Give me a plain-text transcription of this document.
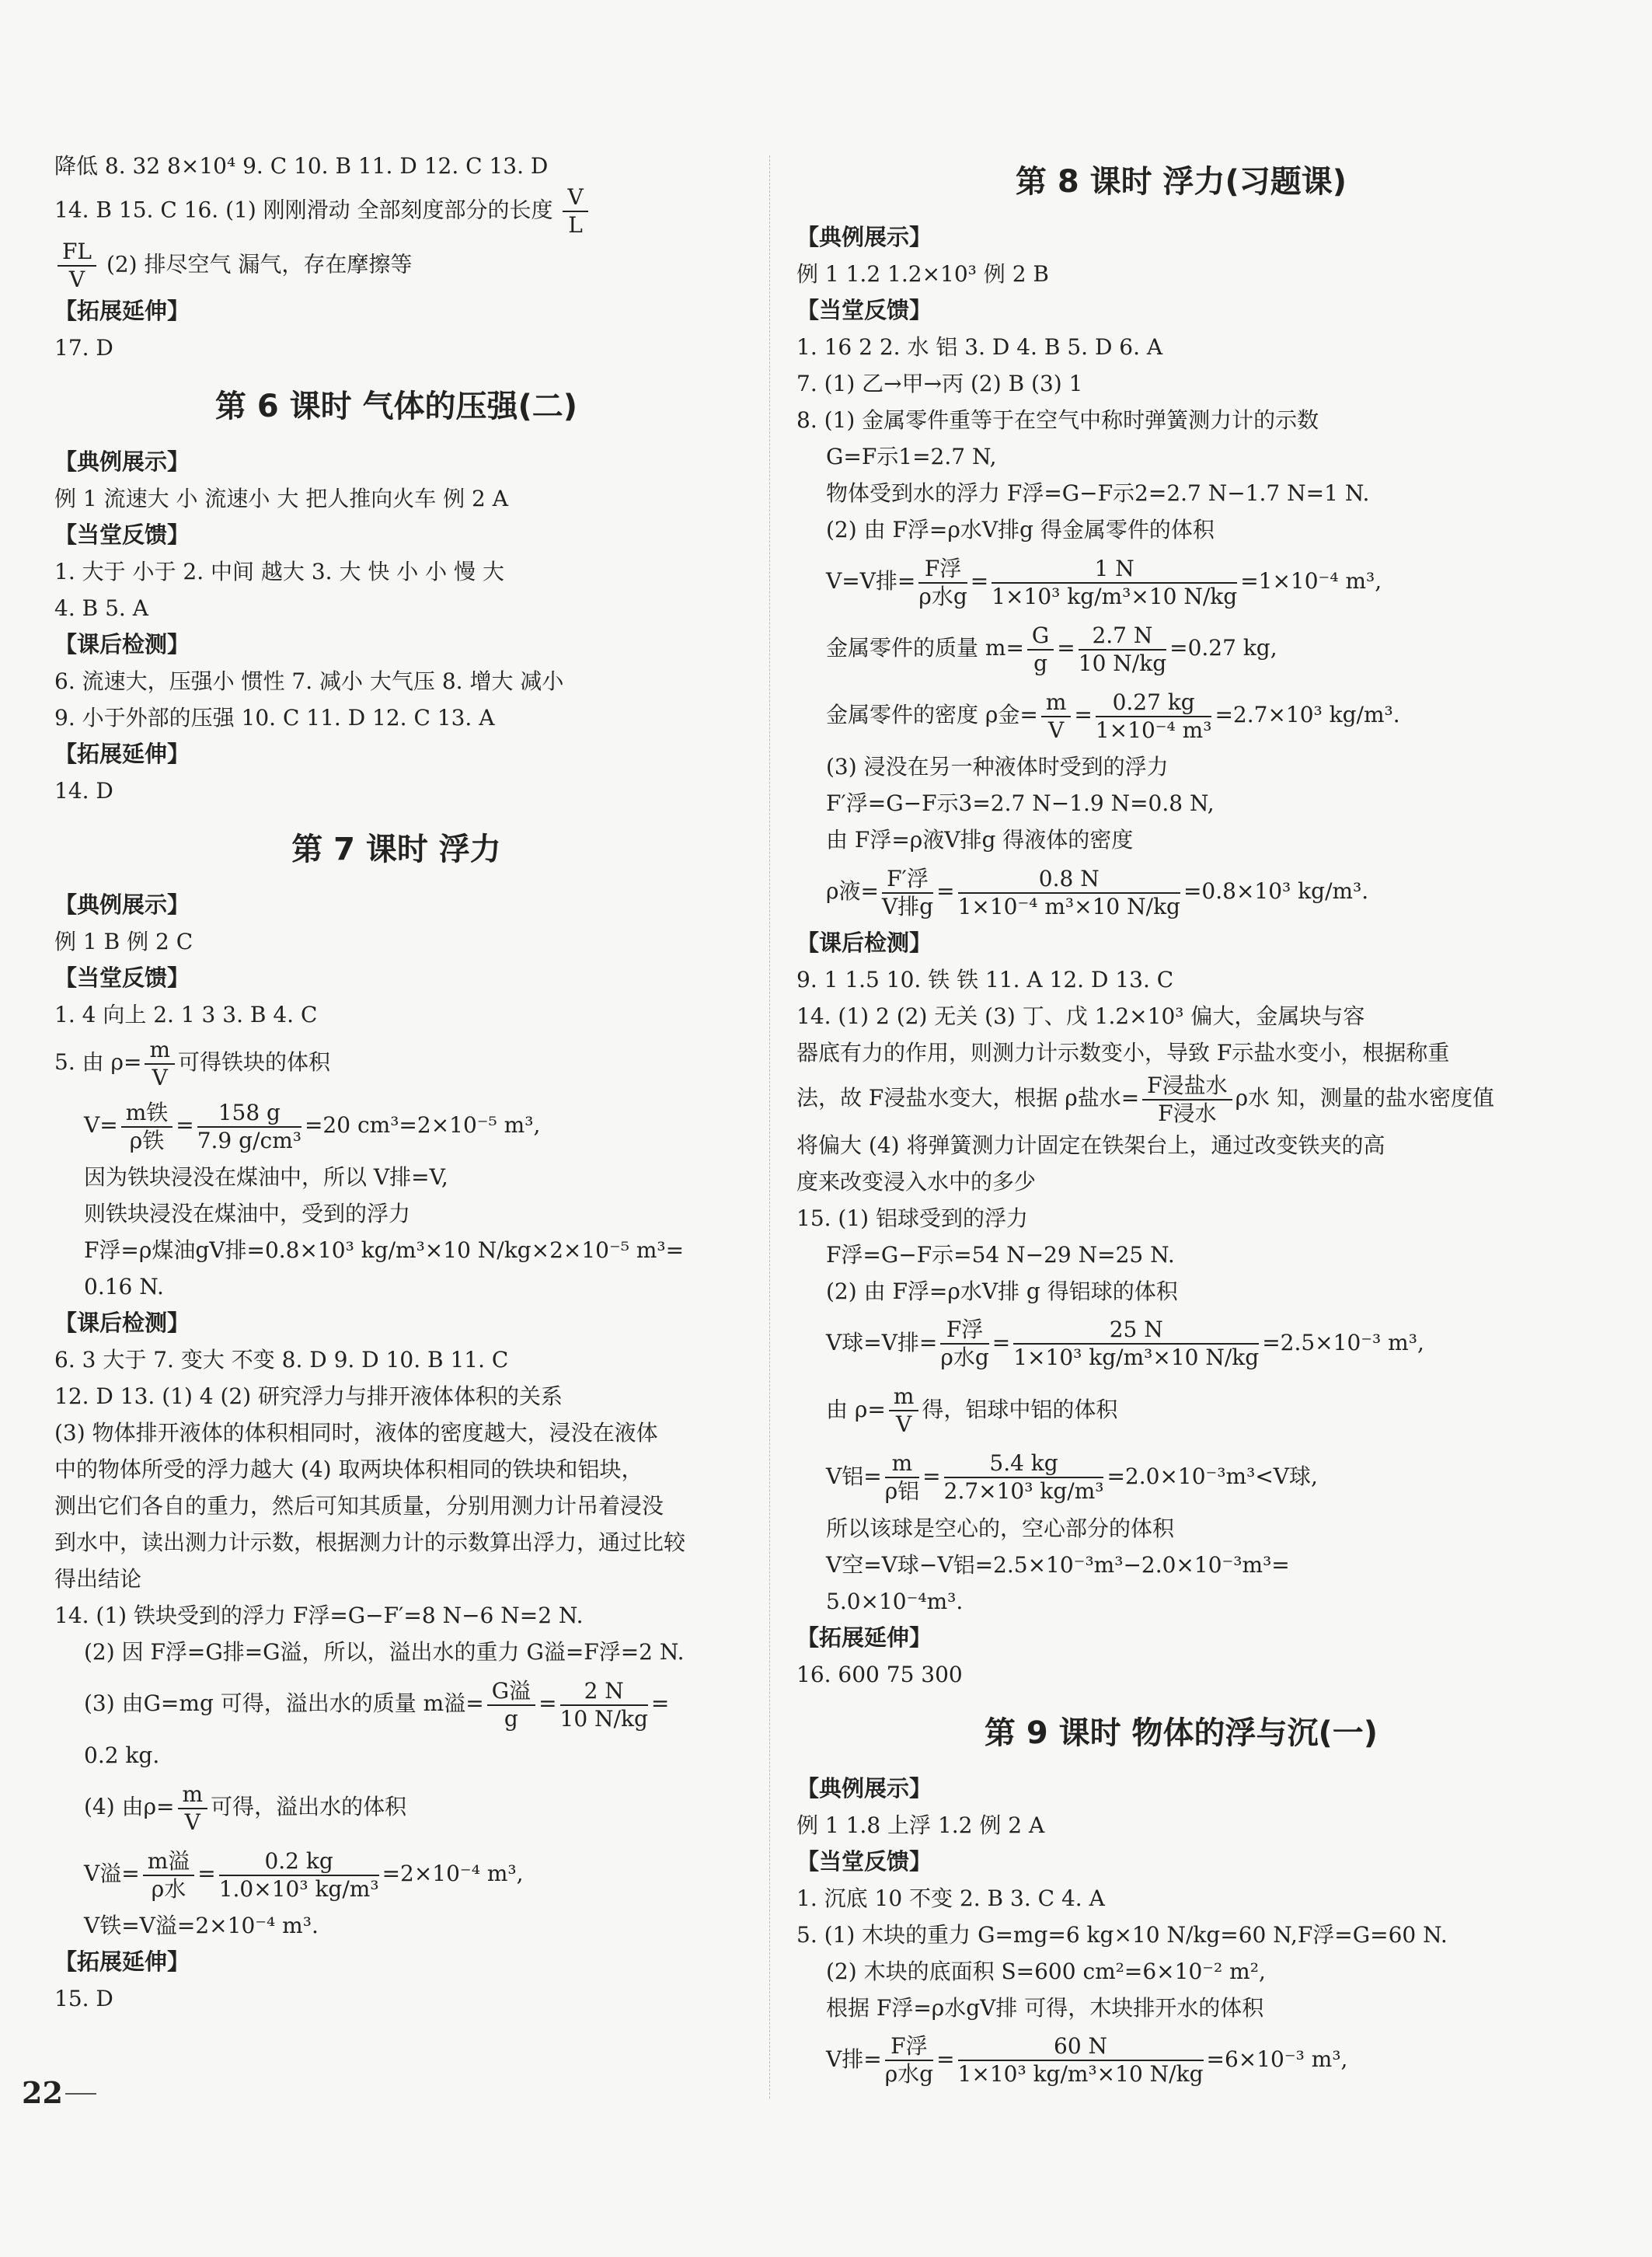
降低 8. 32 8×10⁴ 9. C 10. B 11. D 12. C 13. D
14. B 15. C 16. (1) 刚刚滑动 全部刻度部分的长度 $\frac{V}{L}$
$\frac{FL}{V} (2)$ 排尽空气 漏气，存在摩擦等
【拓展延伸】
17. D
第 6 课时 气体的压强(二)
【典例展示】
例 1 流速大 小 流速小 大 把人推向火车 例 2 A
【当堂反馈】
1. 大于 小于 2. 中间 越大 3. 大 快 小 小 慢 大
4. B 5. A
【课后检测】
6. 流速大，压强小 惯性 7. 减小 大气压 8. 增大 减小
9. 小于外部的压强 10. C 11. D 12. C 13. A
【拓展延伸】
14. D
第 7 课时 浮力
【典例展示】
例 1 B 例 2 C
【当堂反馈】
1. 4 向上 2. 1 3 3. B 4. C
5. 由 $\rho= \frac{m}{V}$ 可得铁块的体积
$V= \frac{\text{m铁}}{\text{ρ铁}} = \frac{158 g}{\text{7.9 g/cm³}} =20$ cm³=2×10⁻⁵ m³,
因为铁块浸没在煤油中，所以 V排=V,
则铁块浸没在煤油中，受到的浮力
F浮=ρ煤油gV排=0.8×10³ kg/m³×10 N/kg×2×10⁻⁵ m³=
0.16 N.
【课后检测】
6. 3 大于 7. 变大 不变 8. D 9. D 10. B 11. C
12. D 13. (1) 4 (2) 研究浮力与排开液体体积的关系
(3) 物体排开液体的体积相同时，液体的密度越大，浸没在液体
中的物体所受的浮力越大 (4) 取两块体积相同的铁块和铝块，
测出它们各自的重力，然后可知其质量，分别用测力计吊着浸没
到水中，读出测力计示数，根据测力计的示数算出浮力，通过比较
得出结论
14. (1) 铁块受到的浮力 F浮=G−F′=8 N−6 N=2 N.
(2) 因 F浮=G排=G溢，所以，溢出水的重力 G溢=F浮=2 N.
(3) 由G=mg 可得，溢出水的质量 m溢= $\frac{\text{G溢}}{g} = \frac{2 N}{10 N/kg}$ =
0.2 kg.
(4) 由$\rho= \frac{m}{V}$ 可得，溢出水的体积
V溢= $\frac{\text{m溢}}{\text{ρ水}} = \frac{0.2 kg}{\text{1.0×10³ kg/m³}} =2\times 10^{-4}$ m³,
V铁=V溢=2×10⁻⁴ m³.
【拓展延伸】
15. D
第 8 课时 浮力(习题课)
【典例展示】
例 1 1.2 1.2×10³ 例 2 B
【当堂反馈】
1. 16 2 2. 水 铝 3. D 4. B 5. D 6. A
7. (1) 乙→甲→丙 (2) B (3) 1
8. (1) 金属零件重等于在空气中称时弹簧测力计的示数
G=F示1=2.7 N,
物体受到水的浮力 F浮=G−F示2=2.7 N−1.7 N=1 N.
(2) 由 F浮=ρ水V排g 得金属零件的体积
V=V排= $\frac{\text{F浮}}{\text{ρ水g}} = \frac{1 N}{\text{1×10³ kg/m³×10 N/kg}} =1\times 10^{-4}$ m³,
金属零件的质量 $m= \frac{G}{g} = \frac{2.7 N}{10 N/kg} =0.27$ kg,
金属零件的密度 ρ金= $\frac{m}{V} = \frac{0.27 kg}{\text{1×10⁻⁴ m³}} =2.7\times 10^3$ kg/m³.
(3) 浸没在另一种液体时受到的浮力
F′浮=G−F示3=2.7 N−1.9 N=0.8 N,
由 F浮=ρ液V排g 得液体的密度
ρ液= $\frac{\text{F′浮}}{\text{V排g}} = \frac{0.8 N}{\text{1×10⁻⁴ m³×10 N/kg}} =0.8\times 10^3$ kg/m³.
【课后检测】
9. 1 1.5 10. 铁 铁 11. A 12. D 13. C
14. (1) 2 (2) 无关 (3) 丁、戊 1.2×10³ 偏大，金属块与容
器底有力的作用，则测力计示数变小，导致 F示盐水变小，根据称重
法，故 F浸盐水变大，根据 ρ盐水= $\frac{\text{F浸盐水}}{\text{F浸水}}$ ρ水 知，测量的盐水密度值
将偏大 (4) 将弹簧测力计固定在铁架台上，通过改变铁夹的高
度来改变浸入水中的多少
15. (1) 铝球受到的浮力
F浮=G−F示=54 N−29 N=25 N.
(2) 由 F浮=ρ水V排 g 得铝球的体积
V球=V排= $\frac{\text{F浮}}{\text{ρ水g}} = \frac{25 N}{\text{1×10³ kg/m³×10 N/kg}} =2.5\times 10^{-3}$ m³,
由 $\rho= \frac{m}{V}$ 得，铝球中铝的体积
V铝= $\frac{m}{\text{ρ铝}} = \frac{5.4 kg}{\text{2.7×10³ kg/m³}} =2.0\times 10^{-3}m^3<V$球,
所以该球是空心的，空心部分的体积
V空=V球−V铝=2.5×10⁻³m³−2.0×10⁻³m³=
5.0×10⁻⁴m³.
【拓展延伸】
16. 600 75 300
第 9 课时 物体的浮与沉(一)
【典例展示】
例 1 1.8 上浮 1.2 例 2 A
【当堂反馈】
1. 沉底 10 不变 2. B 3. C 4. A
5. (1) 木块的重力 G=mg=6 kg×10 N/kg=60 N,F浮=G=60 N.
(2) 木块的底面积 S=600 cm²=6×10⁻² m²,
根据 F浮=ρ水gV排 可得，木块排开水的体积
V排= $\frac{\text{F浮}}{\text{ρ水g}} = \frac{60 N}{\text{1×10³ kg/m³×10 N/kg}} =6\times 10^{-3}$ m³,
22
